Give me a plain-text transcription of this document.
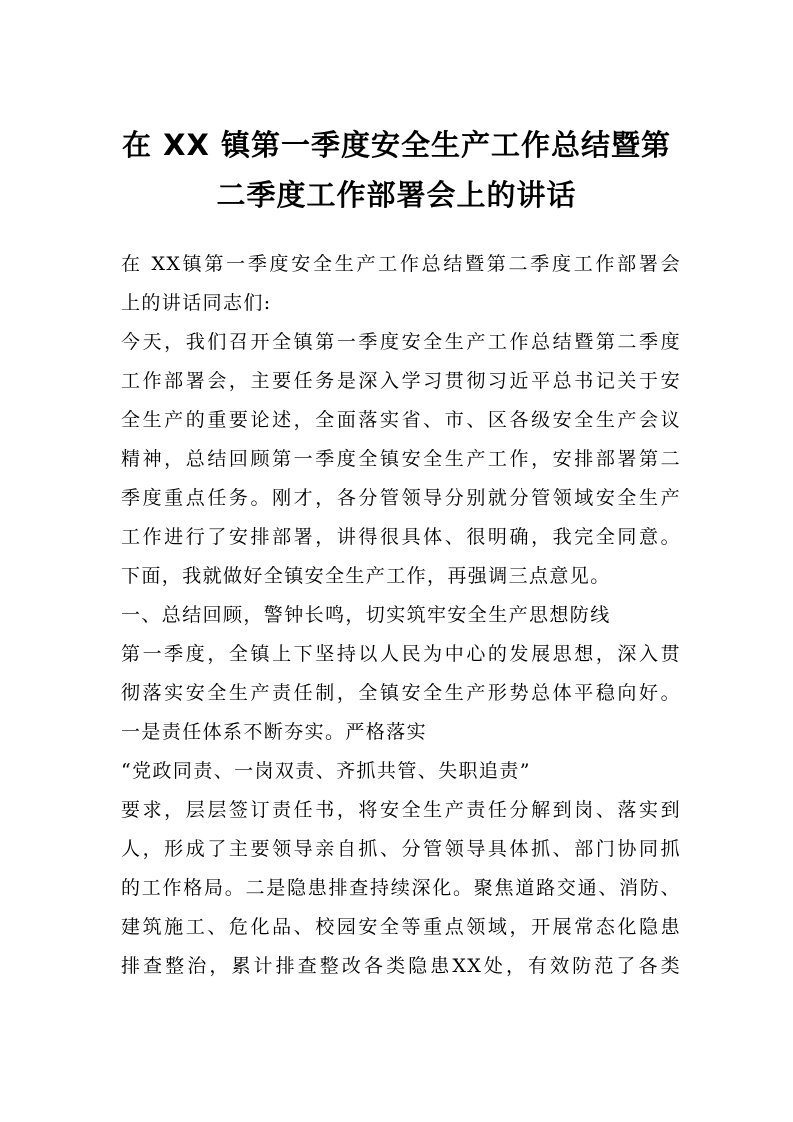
在 XX 镇第一季度安全生产工作总结暨第
二季度工作部署会上的讲话
在 XX镇第一季度安全生产工作总结暨第二季度工作部署会
上的讲话同志们:
今天，我们召开全镇第一季度安全生产工作总结暨第二季度
工作部署会，主要任务是深入学习贯彻习近平总书记关于安
全生产的重要论述，全面落实省、市、区各级安全生产会议
精神，总结回顾第一季度全镇安全生产工作，安排部署第二
季度重点任务。刚才，各分管领导分别就分管领域安全生产
工作进行了安排部署，讲得很具体、很明确，我完全同意。
下面，我就做好全镇安全生产工作，再强调三点意见。
一、总结回顾，警钟长鸣，切实筑牢安全生产思想防线
第一季度，全镇上下坚持以人民为中心的发展思想，深入贯
彻落实安全生产责任制，全镇安全生产形势总体平稳向好。
一是责任体系不断夯实。严格落实
“党政同责、一岗双责、齐抓共管、失职追责”
要求，层层签订责任书，将安全生产责任分解到岗、落实到
人，形成了主要领导亲自抓、分管领导具体抓、部门协同抓
的工作格局。二是隐患排查持续深化。聚焦道路交通、消防、
建筑施工、危化品、校园安全等重点领域，开展常态化隐患
排查整治，累计排查整改各类隐患XX处，有效防范了各类
